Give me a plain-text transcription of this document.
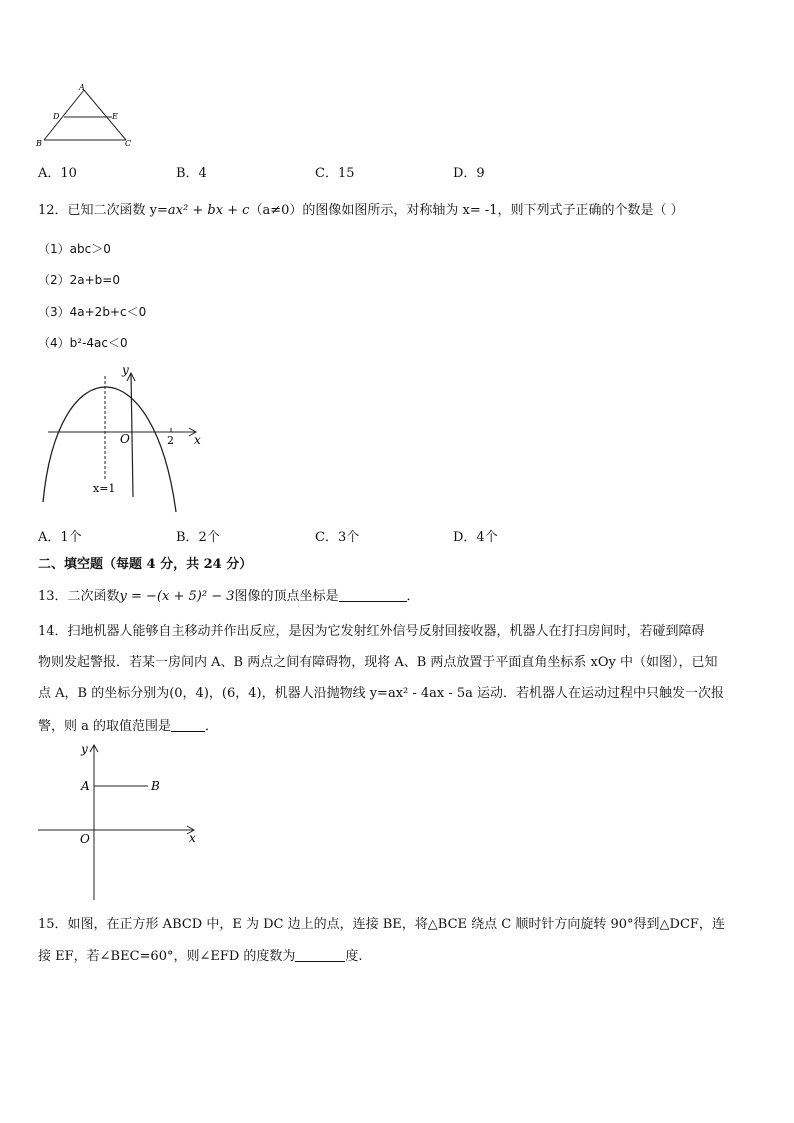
A
D	E
B	C
A．10	B．4	C．15	D．9
12．已知二次函数 y=ax² + bx + c（a≠0）的图像如图所示，对称轴为 x= -1，则下列式子正确的个数是（ ）
（1）abc＞0
（2）2a+b=0
（3）4a+2b+c＜0
（4）b²-4ac＜0
y
x
O	2
x=1
A．1个	B．2个	C．3个	D．4个
二、填空题（每题 4 分，共 24 分）
13．二次函数y = −(x + 5)² − 3图像的顶点坐标是	．
14．扫地机器人能够自主移动并作出反应，是因为它发射红外信号反射回接收器，机器人在打扫房间时，若碰到障碍
物则发起警报．若某一房间内 A、B 两点之间有障碍物，现将 A、B 两点放置于平面直角坐标系 xOy 中（如图），已知
点 A，B 的坐标分别为(0，4)，(6，4)，机器人沿抛物线 y=ax² - 4ax - 5a 运动．若机器人在运动过程中只触发一次报
警，则 a 的取值范围是	．
y
x
O
A	B
15．如图，在正方形 ABCD 中，E 为 DC 边上的点，连接 BE，将△BCE 绕点 C 顺时针方向旋转 90°得到△DCF，连
接 EF，若∠BEC=60°，则∠EFD 的度数为	度.
